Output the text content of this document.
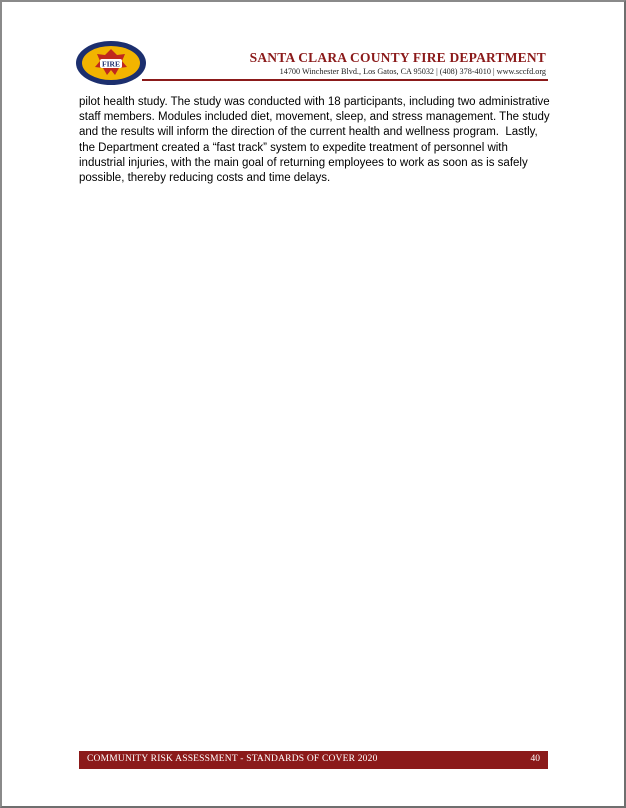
FIRE	SANTA CLARA COUNTY FIRE DEPARTMENT
14700 Winchester Blvd., Los Gatos, CA 95032 | (408) 378-4010 | www.sccfd.org

pilot health study. The study was conducted with 18 participants, including two administrative staff members. Modules included diet, movement, sleep, and stress management. The study and the results will inform the direction of the current health and wellness program.  Lastly, the Department created a “fast track” system to expedite treatment of personnel with industrial injuries, with the main goal of returning employees to work as soon as is safely possible, thereby reducing costs and time delays.

COMMUNITY RISK ASSESSMENT - STANDARDS OF COVER 2020	40
